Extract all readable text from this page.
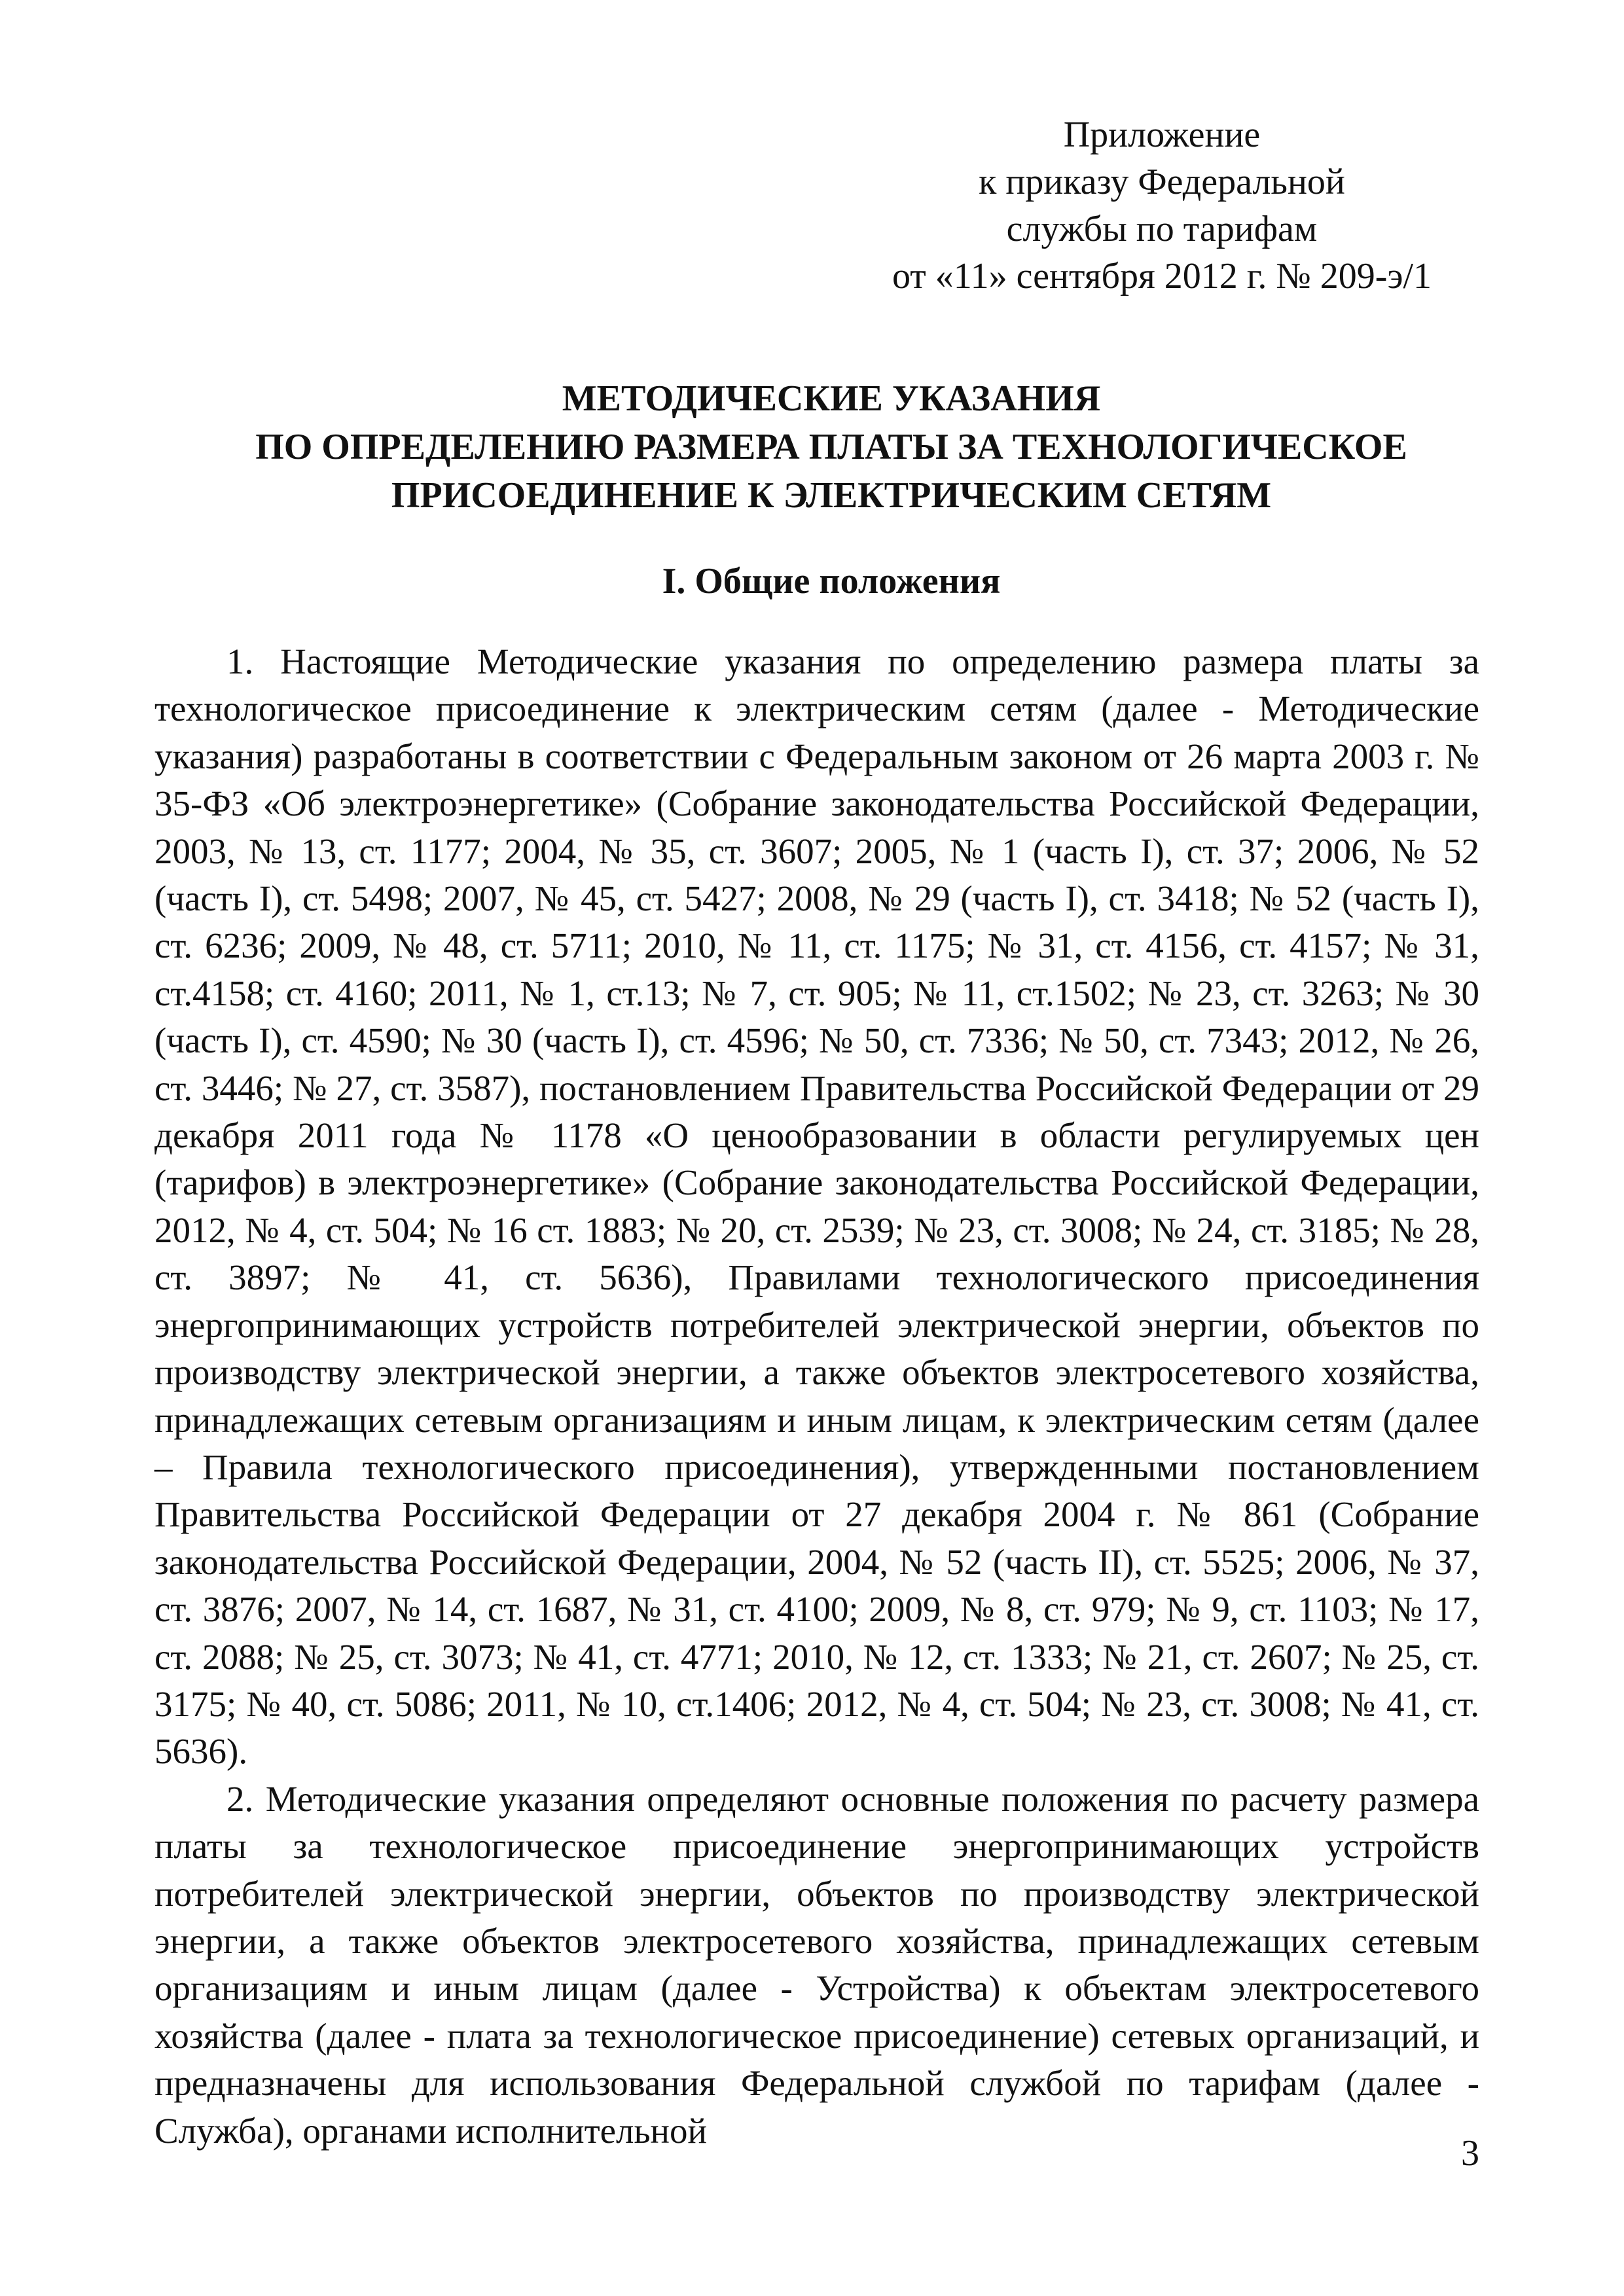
Приложение
к приказу Федеральной
службы по тарифам
от «11» сентября 2012 г. № 209-э/1
МЕТОДИЧЕСКИЕ УКАЗАНИЯ
ПО ОПРЕДЕЛЕНИЮ РАЗМЕРА ПЛАТЫ ЗА ТЕХНОЛОГИЧЕСКОЕ
ПРИСОЕДИНЕНИЕ К ЭЛЕКТРИЧЕСКИМ СЕТЯМ
I. Общие положения

1. Настоящие Методические указания по определению размера платы за технологическое присоединение к электрическим сетям (далее - Методические указания) разработаны в соответствии с Федеральным законом от 26 марта 2003 г. № 35-ФЗ «Об электроэнергетике» (Собрание законодательства Российской Федерации, 2003, № 13, ст. 1177; 2004, № 35, ст. 3607; 2005, № 1 (часть I), ст. 37; 2006, № 52 (часть I), ст. 5498; 2007, № 45, ст. 5427; 2008, № 29 (часть I), ст. 3418; № 52 (часть I), ст. 6236; 2009, № 48, ст. 5711; 2010, № 11, ст. 1175; № 31, ст. 4156, ст. 4157; № 31, ст.4158; ст. 4160; 2011, № 1, ст.13; № 7, ст. 905; № 11, ст.1502; № 23, ст. 3263; № 30 (часть I), ст. 4590; № 30 (часть I), ст. 4596; № 50, ст. 7336; № 50, ст. 7343; 2012, № 26, ст. 3446; № 27, ст. 3587), постановлением Правительства Российской Федерации от 29 декабря 2011 года № 1178 «О ценообразовании в области регулируемых цен (тарифов) в электроэнергетике» (Собрание законодательства Российской Федерации, 2012, № 4, ст. 504; № 16 ст. 1883; № 20, ст. 2539; № 23, ст. 3008; № 24, ст. 3185; № 28, ст. 3897; № 41, ст. 5636), Правилами технологического присоединения энергопринимающих устройств потребителей электрической энергии, объектов по производству электрической энергии, а также объектов электросетевого хозяйства, принадлежащих сетевым организациям и иным лицам, к электрическим сетям (далее – Правила технологического присоединения), утвержденными постановлением Правительства Российской Федерации от 27 декабря 2004 г. № 861 (Собрание законодательства Российской Федерации, 2004, № 52 (часть II), ст. 5525; 2006, № 37, ст. 3876; 2007, № 14, ст. 1687, № 31, ст. 4100; 2009, № 8, ст. 979; № 9, ст. 1103; № 17, ст. 2088; № 25, ст. 3073; № 41, ст. 4771; 2010, № 12, ст. 1333; № 21, ст. 2607; № 25, ст. 3175; № 40, ст. 5086; 2011, № 10, ст.1406; 2012, № 4, ст. 504; № 23, ст. 3008; № 41, ст. 5636).

2. Методические указания определяют основные положения по расчету размера платы за технологическое присоединение энергопринимающих устройств потребителей электрической энергии, объектов по производству электрической энергии, а также объектов электросетевого хозяйства, принадлежащих сетевым организациям и иным лицам (далее - Устройства) к объектам электросетевого хозяйства (далее - плата за технологическое присоединение) сетевых организаций, и предназначены для использования Федеральной службой по тарифам (далее - Служба), органами исполнительной

3
